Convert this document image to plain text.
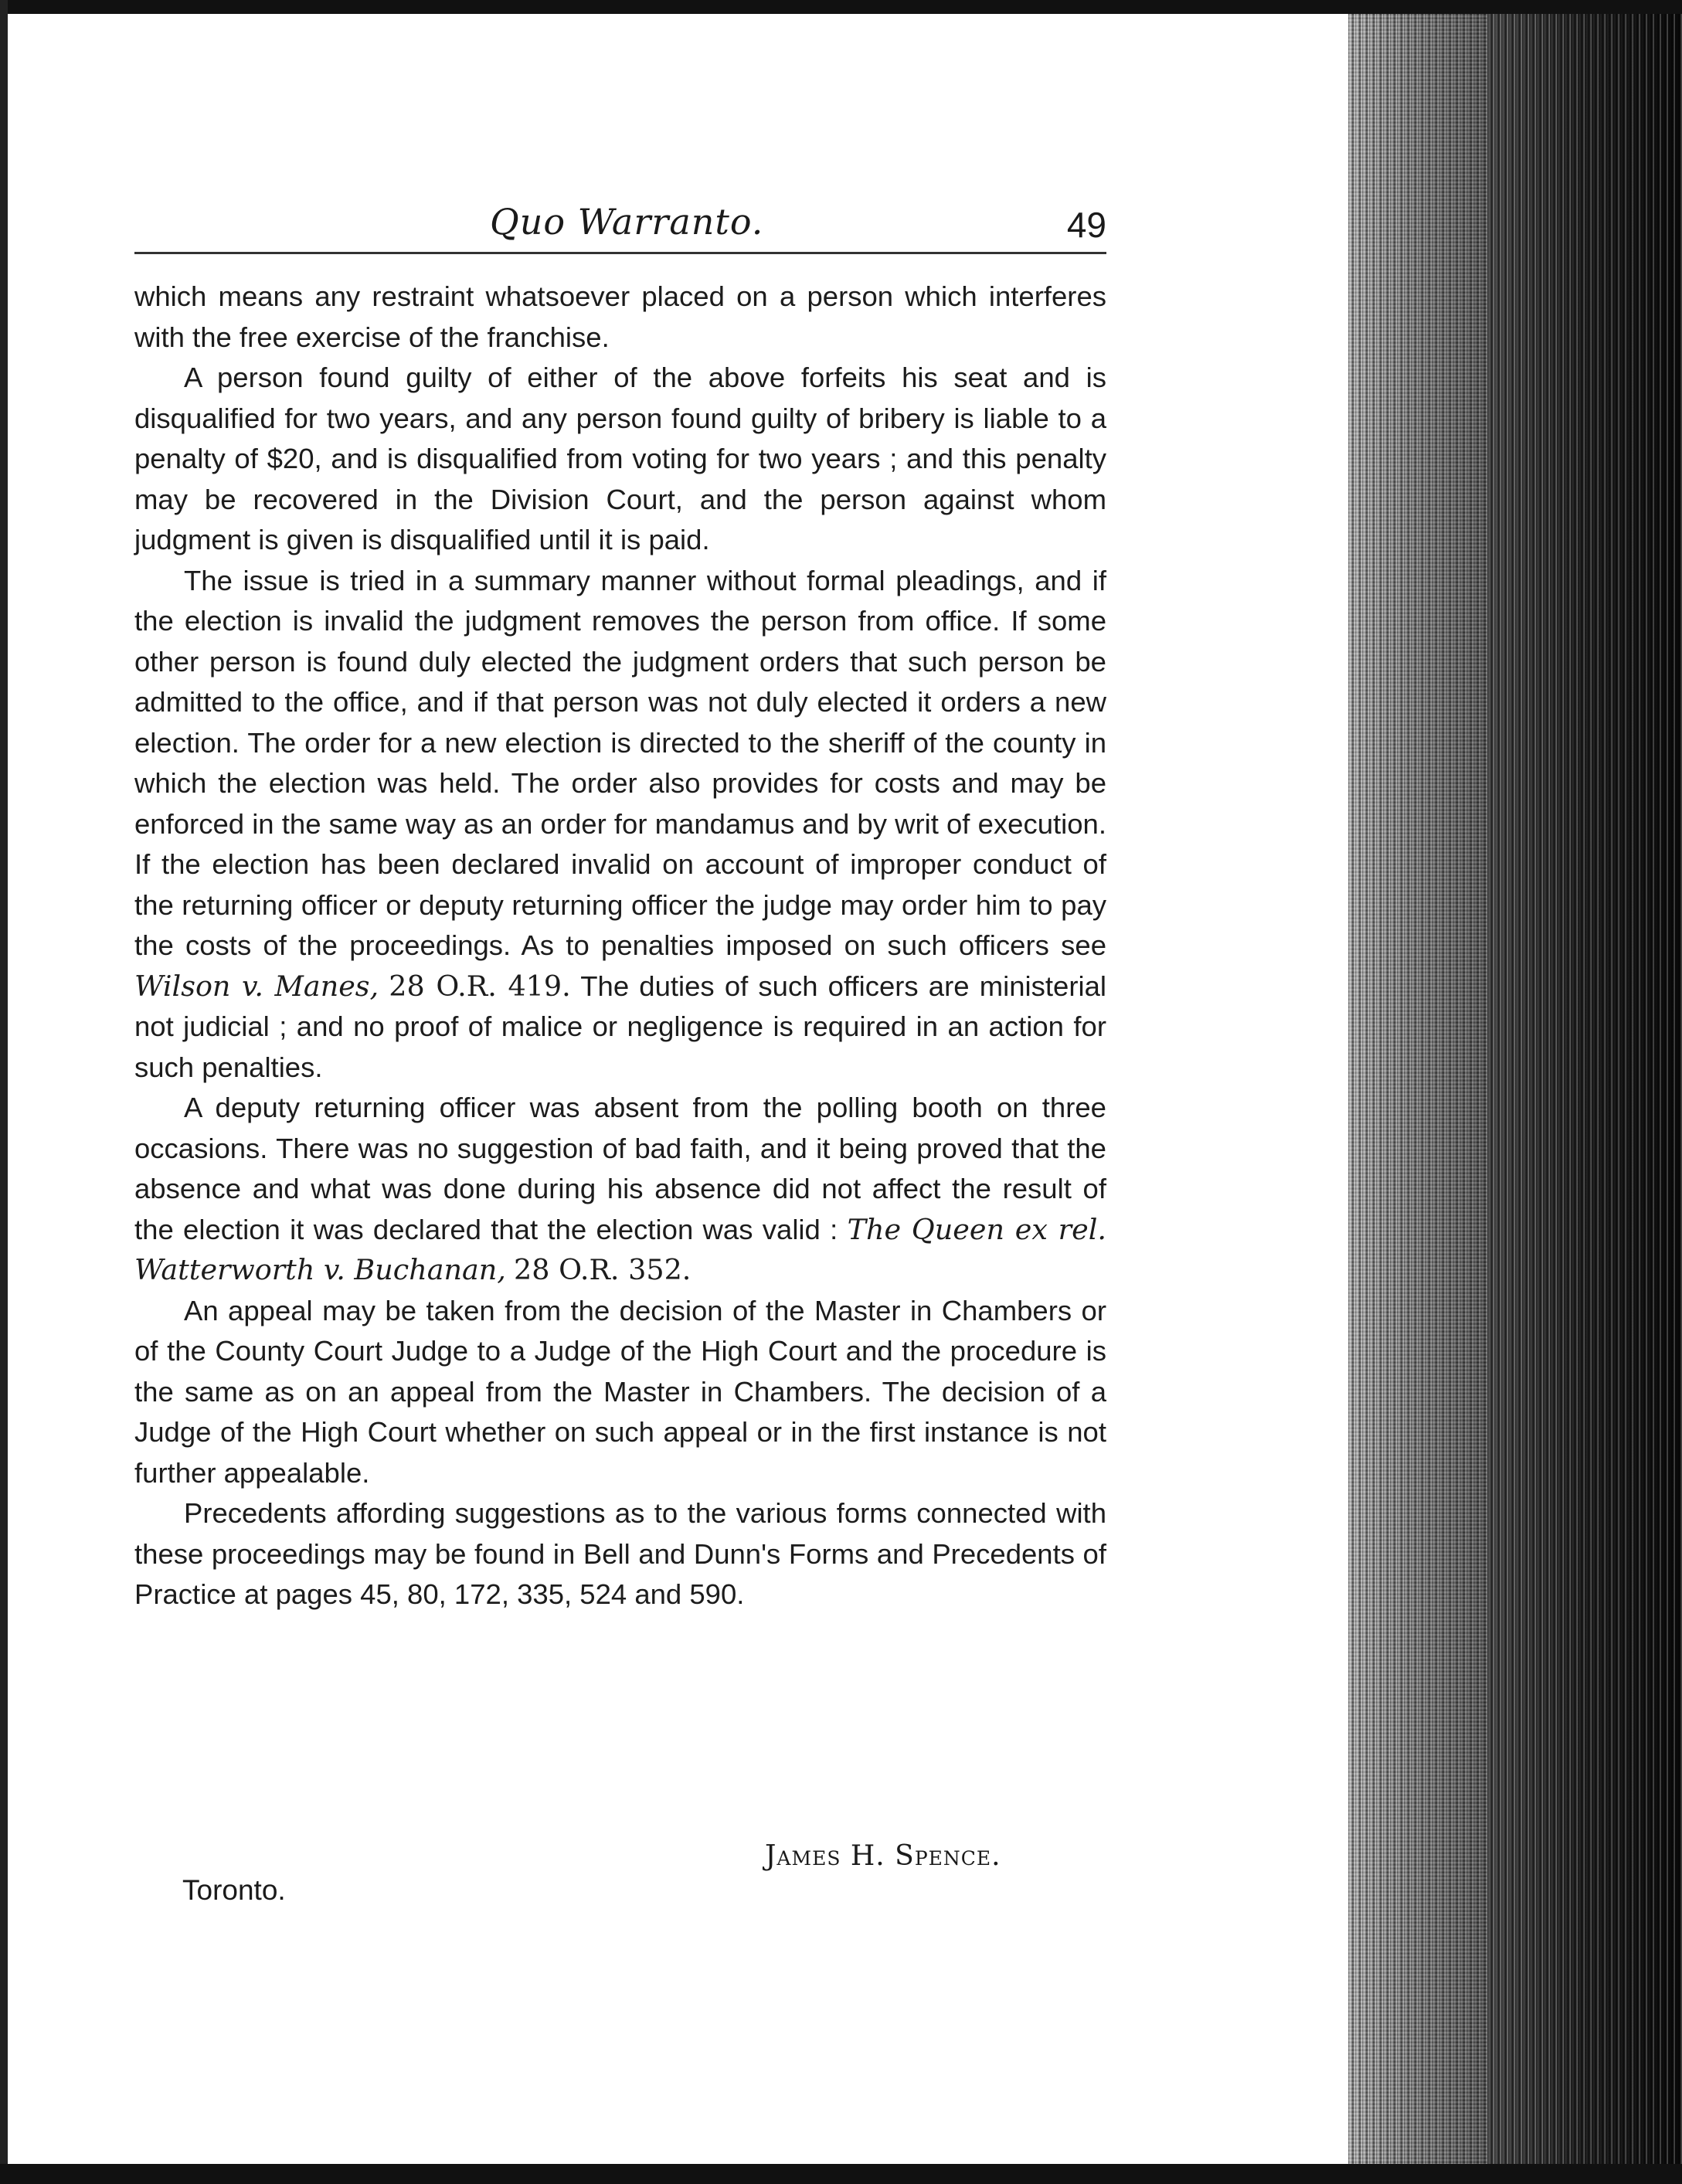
Quo Warranto.	49

which means any restraint whatsoever placed on a person which interferes with the free exercise of the franchise.

A person found guilty of either of the above forfeits his seat and is disqualified for two years, and any person found guilty of bribery is liable to a penalty of $20, and is disqualified from voting for two years ; and this penalty may be recovered in the Division Court, and the person against whom judgment is given is disqualified until it is paid.

The issue is tried in a summary manner without formal pleadings, and if the election is invalid the judgment removes the person from office. If some other person is found duly elected the judgment orders that such person be admitted to the office, and if that person was not duly elected it orders a new election. The order for a new election is directed to the sheriff of the county in which the election was held. The order also provides for costs and may be enforced in the same way as an order for mandamus and by writ of execution. If the election has been declared invalid on account of improper conduct of the returning officer or deputy returning officer the judge may order him to pay the costs of the proceedings. As to penalties imposed on such officers see Wilson v. Manes, 28 O.R. 419. The duties of such officers are ministerial not judicial ; and no proof of malice or negligence is required in an action for such penalties.

A deputy returning officer was absent from the polling booth on three occasions. There was no suggestion of bad faith, and it being proved that the absence and what was done during his absence did not affect the result of the election it was declared that the election was valid : The Queen ex rel. Watterworth v. Buchanan, 28 O.R. 352.

An appeal may be taken from the decision of the Master in Chambers or of the County Court Judge to a Judge of the High Court and the procedure is the same as on an appeal from the Master in Chambers. The decision of a Judge of the High Court whether on such appeal or in the first instance is not further appealable.

Precedents affording suggestions as to the various forms connected with these proceedings may be found in Bell and Dunn's Forms and Precedents of Practice at pages 45, 80, 172, 335, 524 and 590.

James H. Spence.
Toronto.
